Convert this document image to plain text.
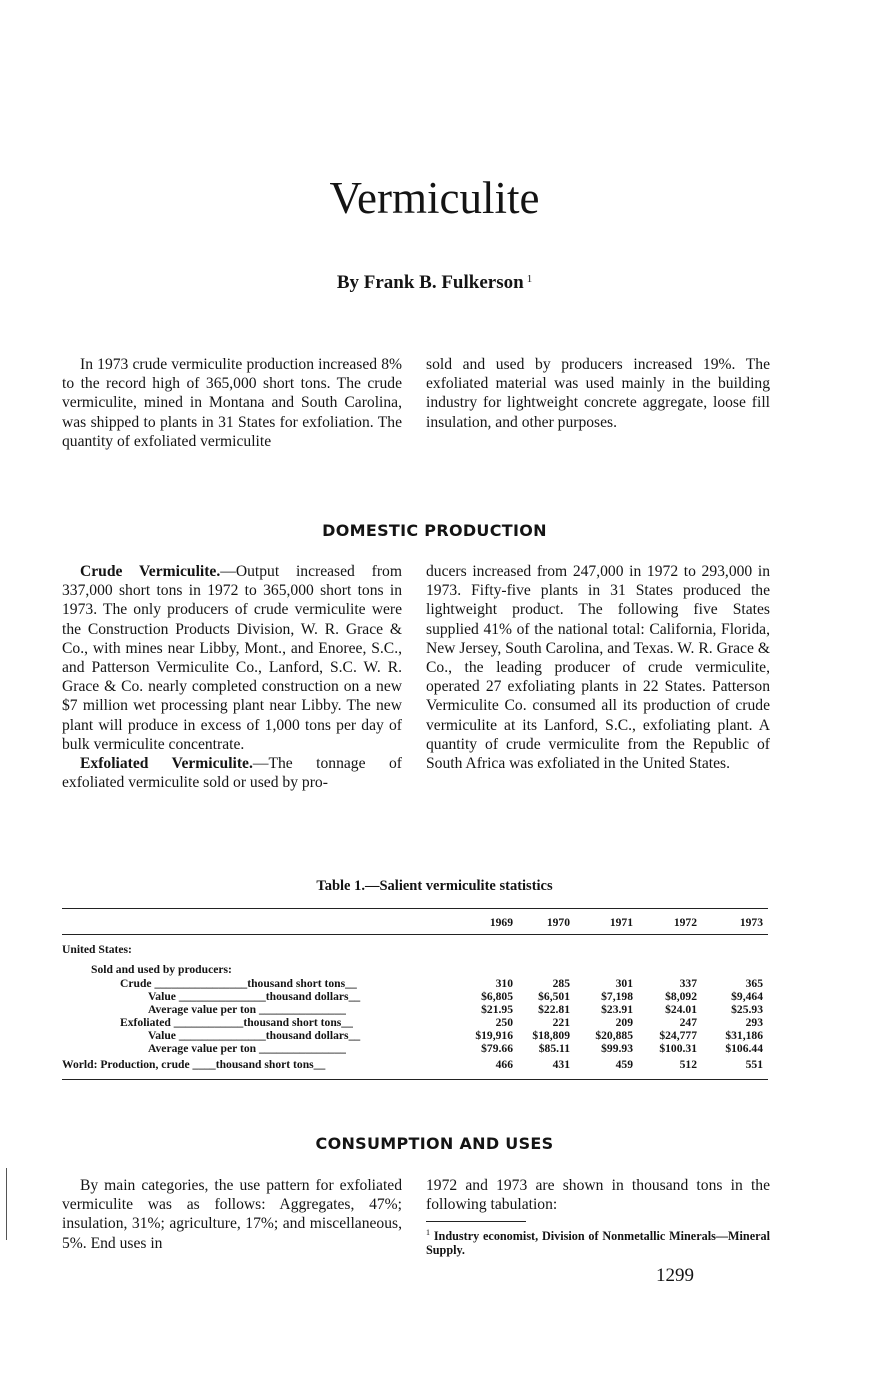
Vermiculite
By Frank B. Fulkerson $^1$

In 1973 crude vermiculite production increased 8% to the record high of 365,000 short tons. The crude vermiculite, mined in Montana and South Carolina, was shipped to plants in 31 States for exfoliation. The quantity of exfoliated vermiculite

sold and used by producers increased 19%. The exfoliated material was used mainly in the building industry for lightweight concrete aggregate, loose fill insulation, and other purposes.

DOMESTIC PRODUCTION

Crude Vermiculite.—Output increased from 337,000 short tons in 1972 to 365,000 short tons in 1973. The only producers of crude vermiculite were the Construction Products Division, W. R. Grace & Co., with mines near Libby, Mont., and Enoree, S.C., and Patterson Vermiculite Co., Lanford, S.C. W. R. Grace & Co. nearly completed construction on a new $7 million wet processing plant near Libby. The new plant will produce in excess of 1,000 tons per day of bulk vermiculite concentrate.

Exfoliated Vermiculite.—The tonnage of exfoliated vermiculite sold or used by pro-

ducers increased from 247,000 in 1972 to 293,000 in 1973. Fifty-five plants in 31 States produced the lightweight product. The following five States supplied 41% of the national total: California, Florida, New Jersey, South Carolina, and Texas. W. R. Grace & Co., the leading producer of crude vermiculite, operated 27 exfoliating plants in 22 States. Patterson Vermiculite Co. consumed all its production of crude vermiculite at its Lanford, S.C., exfoliating plant. A quantity of crude vermiculite from the Republic of South Africa was exfoliated in the United States.

Table 1.—Salient vermiculite statistics
1969	1970	1971	1972	1973
United States:
Sold and used by producers:
Crude ________________thousand short tons__	310	285	301	337	365
Value _______________thousand dollars__	$6,805	$6,501	$7,198	$8,092	$9,464
Average value per ton _______________	$21.95	$22.81	$23.91	$24.01	$25.93
Exfoliated ____________thousand short tons__	250	221	209	247	293
Value _______________thousand dollars__	$19,916	$18,809	$20,885	$24,777	$31,186
Average value per ton _______________	$79.66	$85.11	$99.93	$100.31	$106.44
World: Production, crude ____thousand short tons__	466	431	459	512	551
CONSUMPTION AND USES

By main categories, the use pattern for exfoliated vermiculite was as follows: Aggregates, 47%; insulation, 31%; agriculture, 17%; and miscellaneous, 5%. End uses in

1972 and 1973 are shown in thousand tons in the following tabulation:

$^1$ Industry economist, Division of Nonmetallic Minerals—Mineral Supply.
1299
